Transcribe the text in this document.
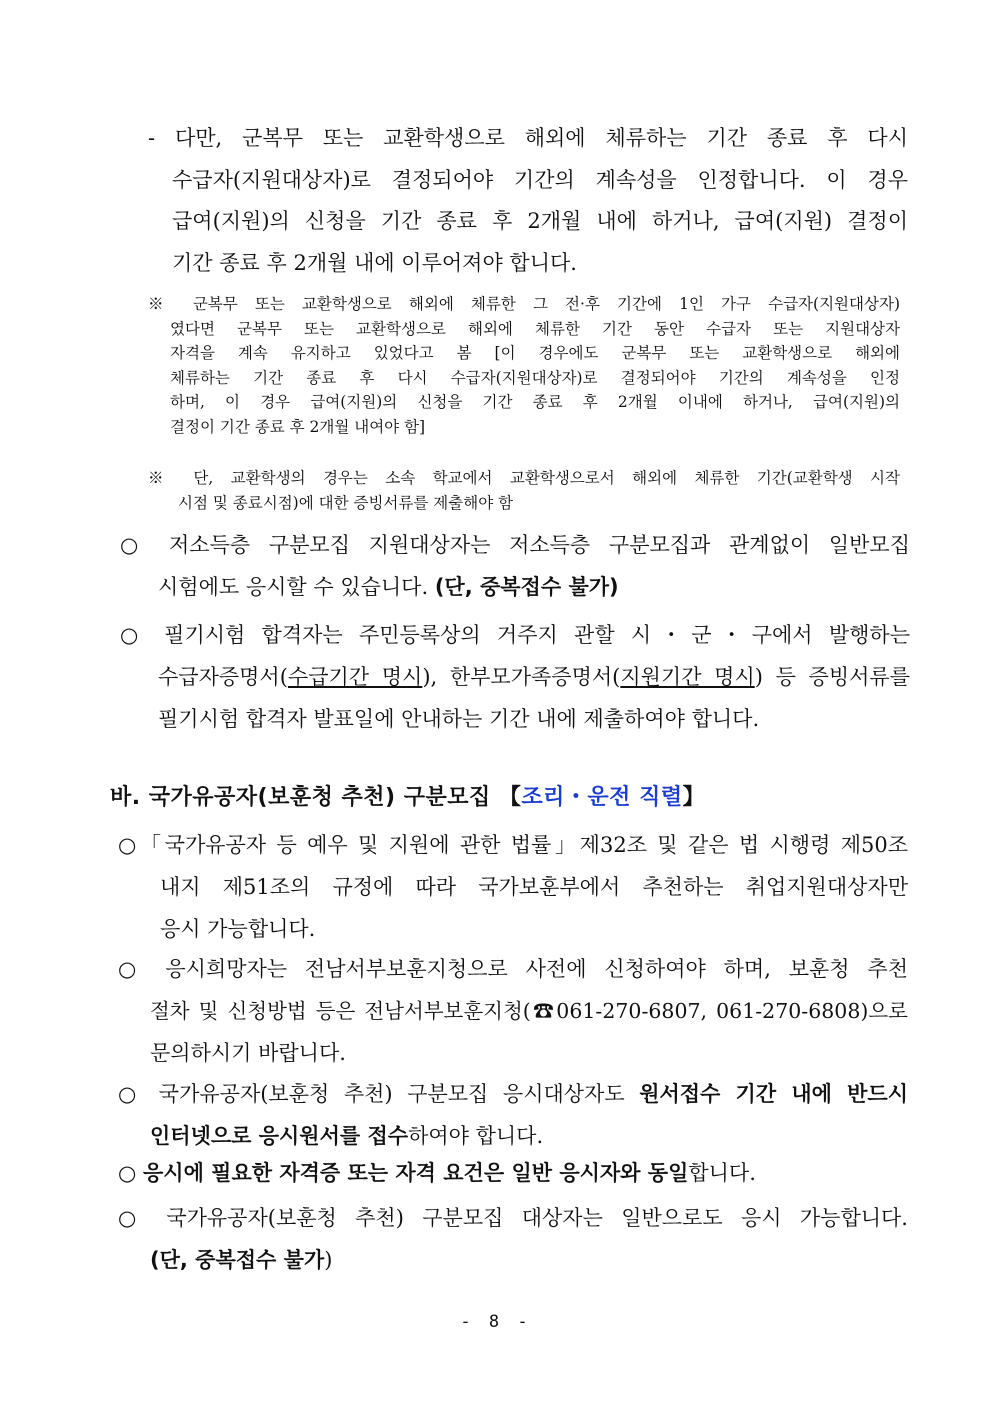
- 다만, 군복무 또는 교환학생으로 해외에 체류하는 기간 종료 후 다시
수급자(지원대상자)로 결정되어야 기간의 계속성을 인정합니다. 이 경우
급여(지원)의 신청을 기간 종료 후 2개월 내에 하거나, 급여(지원) 결정이
기간 종료 후 2개월 내에 이루어져야 합니다.
※ 군복무 또는 교환학생으로 해외에 체류한 그 전·후 기간에 1인 가구 수급자(지원대상자)
였다면 군복무 또는 교환학생으로 해외에 체류한 기간 동안 수급자 또는 지원대상자
자격을 계속 유지하고 있었다고 봄 [이 경우에도 군복무 또는 교환학생으로 해외에
체류하는 기간 종료 후 다시 수급자(지원대상자)로 결정되어야 기간의 계속성을 인정
하며, 이 경우 급여(지원)의 신청을 기간 종료 후 2개월 이내에 하거나, 급여(지원)의
결정이 기간 종료 후 2개월 내여야 함]
※ 단, 교환학생의 경우는 소속 학교에서 교환학생으로서 해외에 체류한 기간(교환학생 시작
시점 및 종료시점)에 대한 증빙서류를 제출해야 함
○ 저소득층 구분모집 지원대상자는 저소득층 구분모집과 관계없이 일반모집
시험에도 응시할 수 있습니다. (단, 중복접수 불가)
○ 필기시험 합격자는 주민등록상의 거주지 관할 시・군・구에서 발행하는
수급자증명서(수급기간 명시), 한부모가족증명서(지원기간 명시) 등 증빙서류를
필기시험 합격자 발표일에 안내하는 기간 내에 제출하여야 합니다.
바. 국가유공자(보훈청 추천) 구분모집 【조리・운전 직렬】
○「국가유공자 등 예우 및 지원에 관한 법률」제32조 및 같은 법 시행령 제50조
내지 제51조의 규정에 따라 국가보훈부에서 추천하는 취업지원대상자만
응시 가능합니다.
○ 응시희망자는 전남서부보훈지청으로 사전에 신청하여야 하며, 보훈청 추천
절차 및 신청방법 등은 전남서부보훈지청(☎061-270-6807, 061-270-6808)으로
문의하시기 바랍니다.
○ 국가유공자(보훈청 추천) 구분모집 응시대상자도 원서접수 기간 내에 반드시
인터넷으로 응시원서를 접수하여야 합니다.
○ 응시에 필요한 자격증 또는 자격 요건은 일반 응시자와 동일합니다.
○ 국가유공자(보훈청 추천) 구분모집 대상자는 일반으로도 응시 가능합니다.
(단, 중복접수 불가)
- 8 -
